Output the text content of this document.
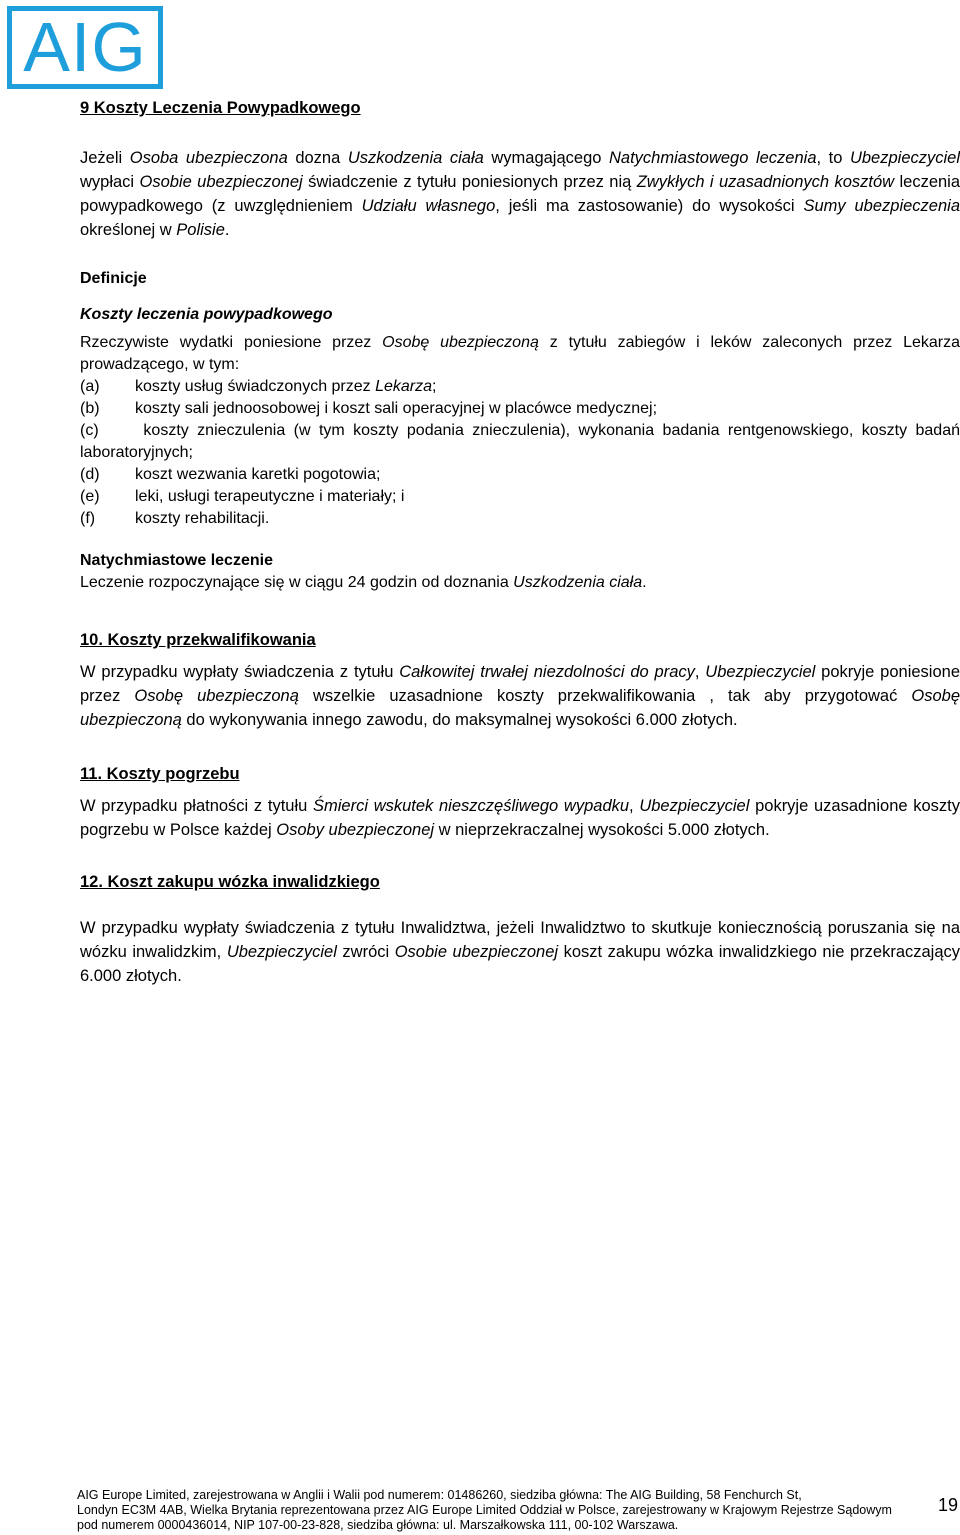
AIG
9 Koszty Leczenia Powypadkowego

Jeżeli Osoba ubezpieczona dozna Uszkodzenia ciała wymagającego Natychmiastowego leczenia, to Ubezpieczyciel wypłaci Osobie ubezpieczonej świadczenie z tytułu poniesionych przez nią Zwykłych i uzasadnionych kosztów leczenia powypadkowego (z uwzględnieniem Udziału własnego, jeśli ma zastosowanie) do wysokości Sumy ubezpieczenia określonej w Polisie.

Definicje
Koszty leczenia powypadkowego

Rzeczywiste wydatki poniesione przez Osobę ubezpieczoną z tytułu zabiegów i leków zaleconych przez Lekarza prowadzącego, w tym:

(a)	koszty usług świadczonych przez Lekarza;
(b)	koszty sali jednoosobowej i koszt sali operacyjnej w placówce medycznej;
(c) koszty znieczulenia (w tym koszty podania znieczulenia), wykonania badania rentgenowskiego, koszty badań laboratoryjnych;
(d)	koszt wezwania karetki pogotowia;
(e)	leki, usługi terapeutyczne i materiały; i
(f)	koszty rehabilitacji.
Natychmiastowe leczenie

Leczenie rozpoczynające się w ciągu 24 godzin od doznania Uszkodzenia ciała.

10. Koszty przekwalifikowania

W przypadku wypłaty świadczenia z tytułu Całkowitej trwałej niezdolności do pracy, Ubezpieczyciel pokryje poniesione przez Osobę ubezpieczoną wszelkie uzasadnione koszty przekwalifikowania , tak aby przygotować Osobę ubezpieczoną do wykonywania innego zawodu, do maksymalnej wysokości 6.000 złotych.

11. Koszty pogrzebu

W przypadku płatności z tytułu Śmierci wskutek nieszczęśliwego wypadku, Ubezpieczyciel pokryje uzasadnione koszty pogrzebu w Polsce każdej Osoby ubezpieczonej w nieprzekraczalnej wysokości 5.000 złotych.

12. Koszt zakupu wózka inwalidzkiego

W przypadku wypłaty świadczenia z tytułu Inwalidztwa, jeżeli Inwalidztwo to skutkuje koniecznością poruszania się na wózku inwalidzkim, Ubezpieczyciel zwróci Osobie ubezpieczonej koszt zakupu wózka inwalidzkiego nie przekraczający 6.000 złotych.

AIG Europe Limited, zarejestrowana w Anglii i Walii pod numerem: 01486260, siedziba główna: The AIG Building, 58 Fenchurch St,
Londyn EC3M 4AB, Wielka Brytania reprezentowana przez AIG Europe Limited Oddział w Polsce, zarejestrowany w Krajowym Rejestrze Sądowym
pod numerem 0000436014, NIP 107-00-23-828, siedziba główna: ul. Marszałkowska 111, 00-102 Warszawa.
19
